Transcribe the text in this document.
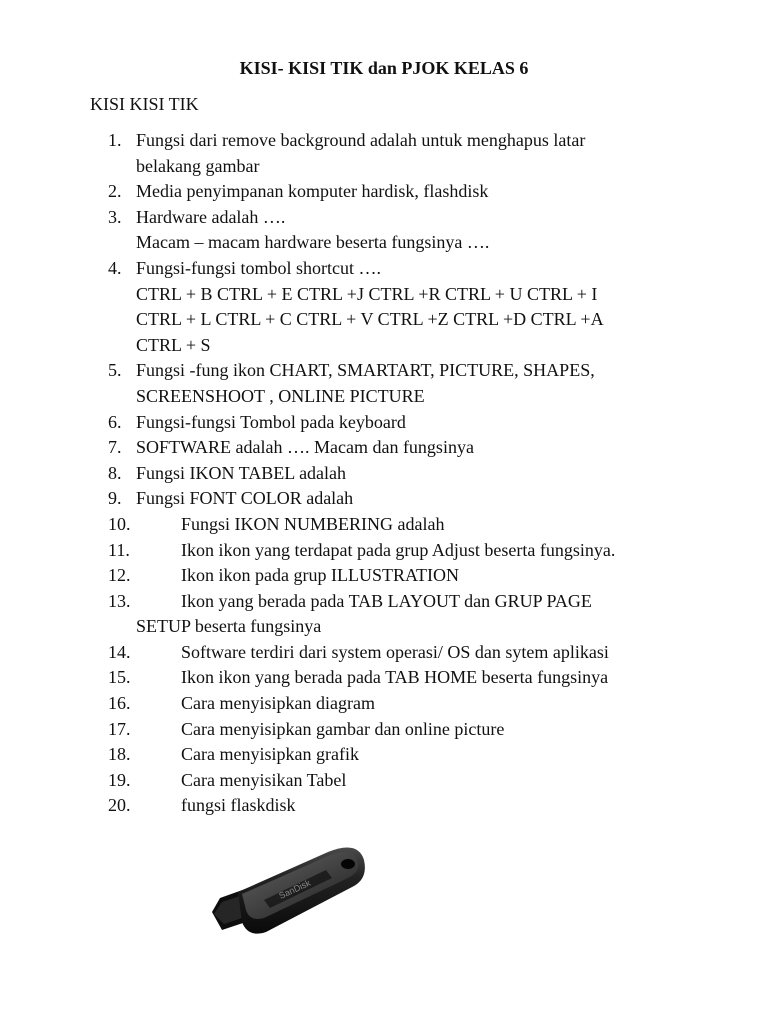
KISI- KISI TIK dan PJOK KELAS 6
KISI KISI TIK
1. Fungsi dari remove background adalah untuk menghapus latar
belakang gambar
2. Media penyimpanan komputer hardisk, flashdisk
3. Hardware adalah ….
Macam – macam hardware beserta fungsinya ….
4. Fungsi-fungsi tombol shortcut ….
CTRL + B CTRL + E CTRL +J CTRL +R CTRL + U CTRL + I
CTRL + L CTRL + C CTRL + V CTRL +Z CTRL +D CTRL +A
CTRL + S
5. Fungsi -fung ikon CHART, SMARTART, PICTURE, SHAPES,
SCREENSHOOT , ONLINE PICTURE
6. Fungsi-fungsi Tombol pada keyboard
7. SOFTWARE adalah …. Macam dan fungsinya
8. Fungsi IKON TABEL adalah
9. Fungsi FONT COLOR adalah
10.	Fungsi IKON NUMBERING adalah
11.	Ikon ikon yang terdapat pada grup Adjust beserta fungsinya.
12.	Ikon ikon pada grup ILLUSTRATION
13.	Ikon yang berada pada TAB LAYOUT dan GRUP PAGE
SETUP beserta fungsinya
14.	Software terdiri dari system operasi/ OS dan sytem aplikasi
15.	Ikon ikon yang berada pada TAB HOME beserta fungsinya
16.	Cara menyisipkan diagram
17.	Cara menyisipkan gambar dan online picture
18.	Cara menyisipkan grafik
19.	Cara menyisikan Tabel
20.	fungsi flaskdisk
SanDisk
